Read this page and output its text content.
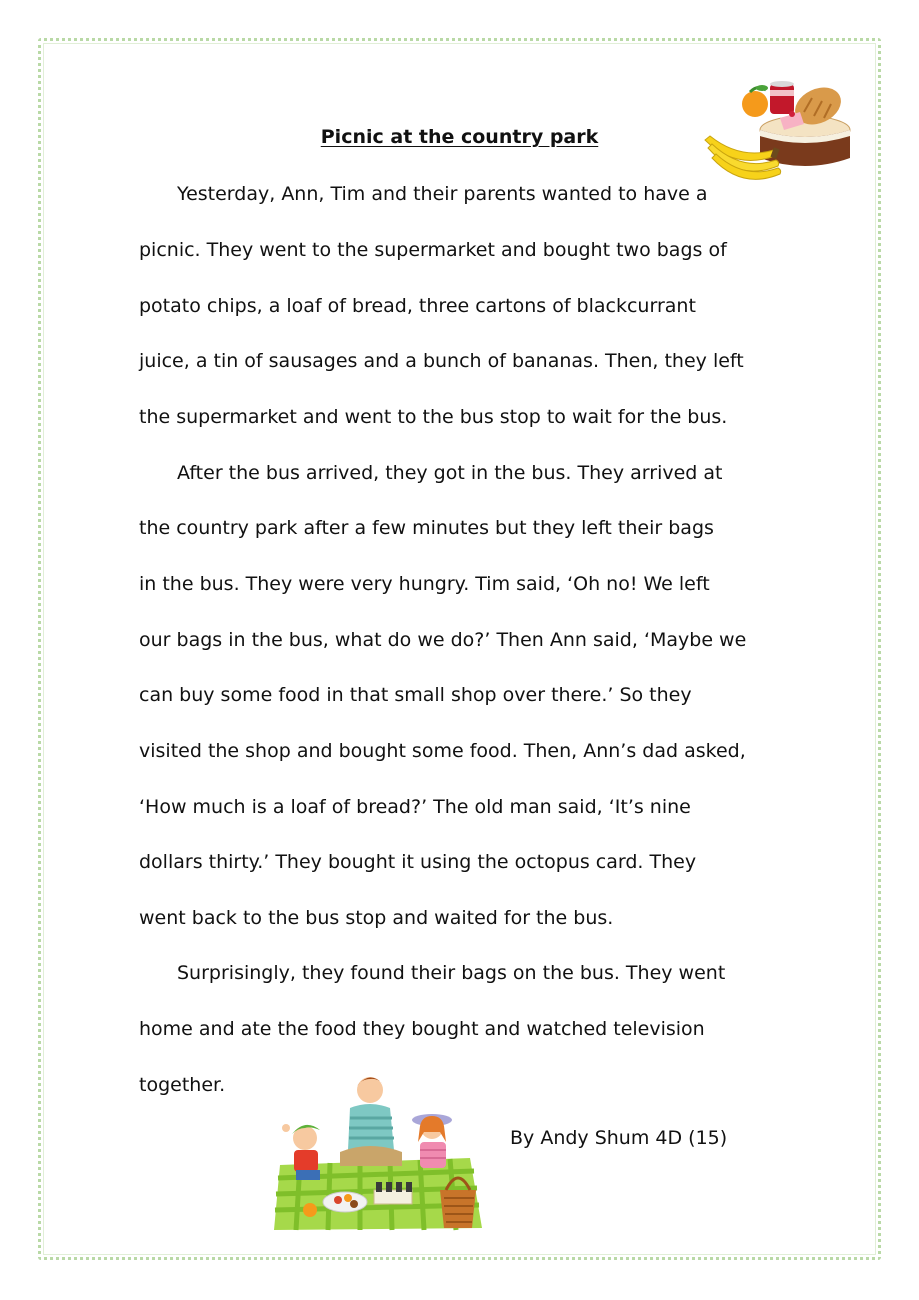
Picnic at the country park

Yesterday, Ann, Tim and their parents wanted to have a

picnic. They went to the supermarket and bought two bags of

potato chips, a loaf of bread, three cartons of blackcurrant

juice, a tin of sausages and a bunch of bananas. Then, they left

the supermarket and went to the bus stop to wait for the bus.

After the bus arrived, they got in the bus. They arrived at

the country park after a few minutes but they left their bags

in the bus. They were very hungry. Tim said, ‘Oh no! We left

our bags in the bus, what do we do?’ Then Ann said, ‘Maybe we

can buy some food in that small shop over there.’ So they

visited the shop and bought some food. Then, Ann’s dad asked,

‘How much is a loaf of bread?’ The old man said, ‘It’s nine

dollars thirty.’ They bought it using the octopus card. They

went back to the bus stop and waited for the bus.

Surprisingly, they found their bags on the bus. They went

home and ate the food they bought and watched television

together.

By Andy Shum 4D (15)
